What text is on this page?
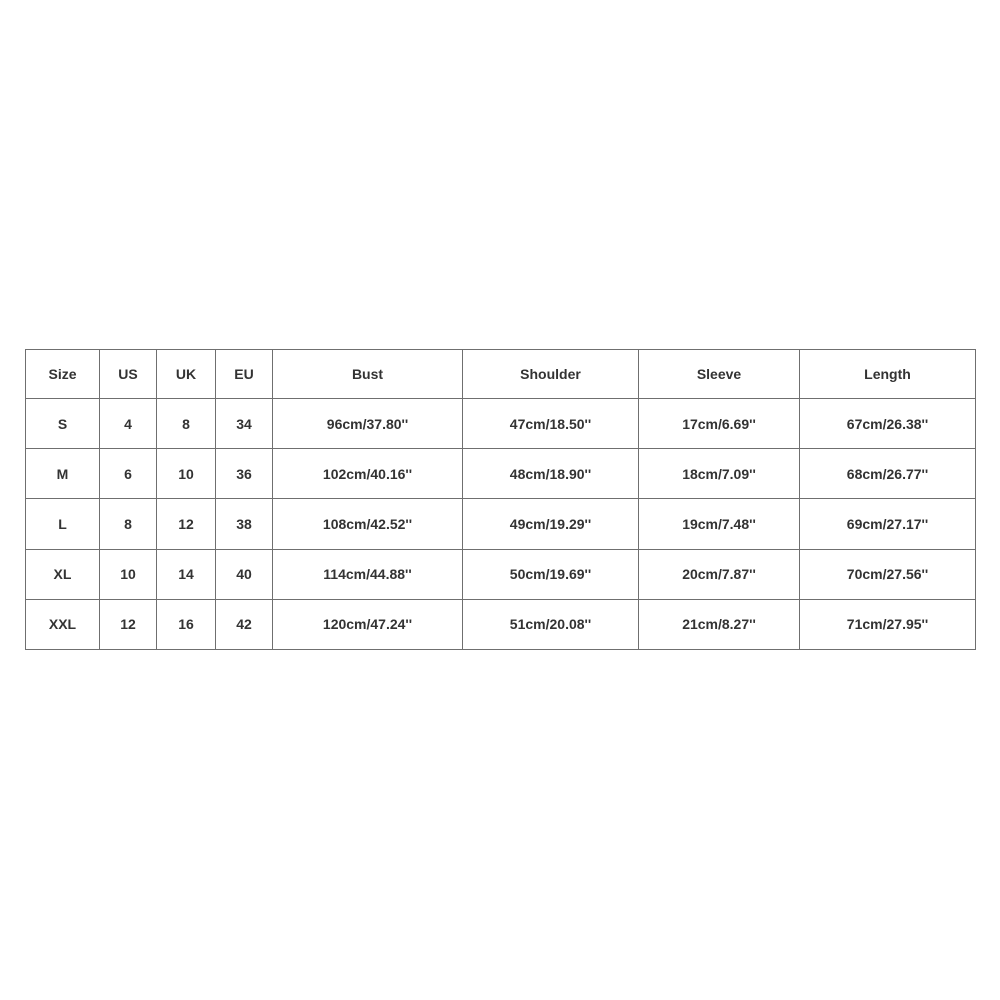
Size	US	UK	EU	Bust	Shoulder	Sleeve	Length
S	4	8	34	96cm/37.80''	47cm/18.50''	17cm/6.69''	67cm/26.38''
M	6	10	36	102cm/40.16''	48cm/18.90''	18cm/7.09''	68cm/26.77''
L	8	12	38	108cm/42.52''	49cm/19.29''	19cm/7.48''	69cm/27.17''
XL	10	14	40	114cm/44.88''	50cm/19.69''	20cm/7.87''	70cm/27.56''
XXL	12	16	42	120cm/47.24''	51cm/20.08''	21cm/8.27''	71cm/27.95''
